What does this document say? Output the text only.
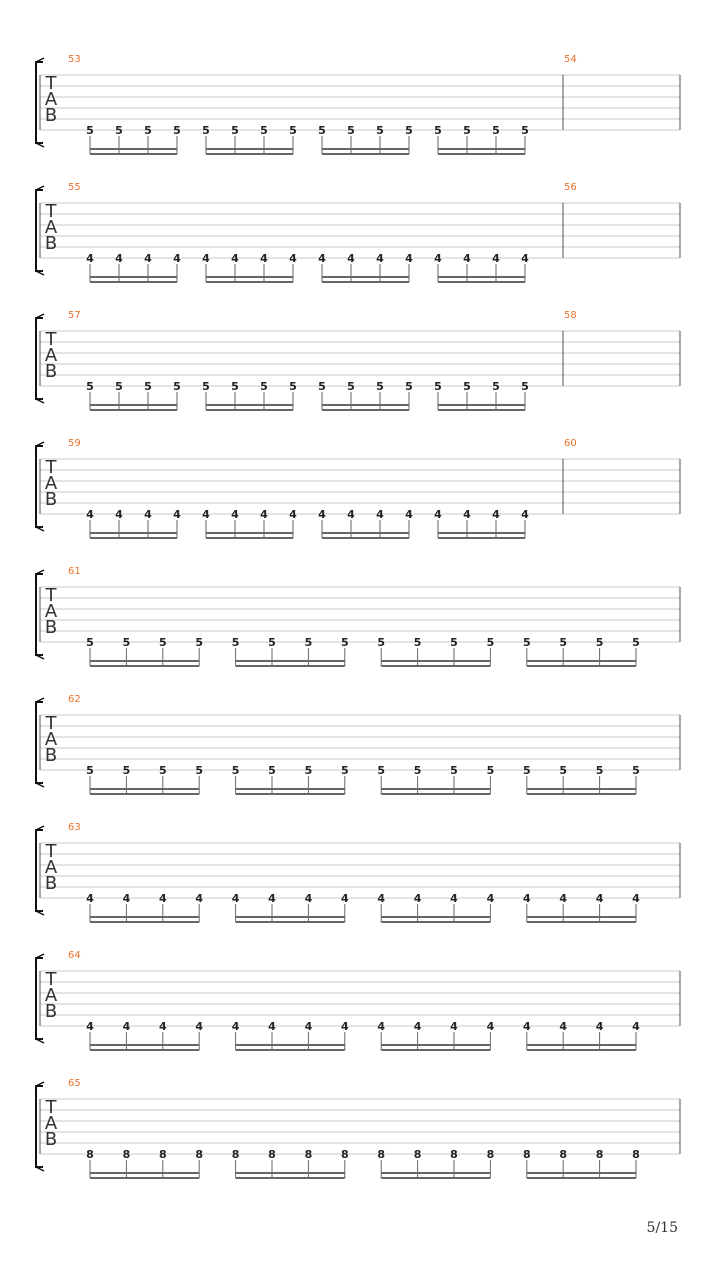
T
A
B
53
5 5 5 5 5 5 5 5 5 5 5 5 5 5 5 5
54
T
A
B
55
4 4 4 4 4 4 4 4 4 4 4 4 4 4 4 4
56
T
A
B
57
5 5 5 5 5 5 5 5 5 5 5 5 5 5 5 5
58
T
A
B
59
4 4 4 4 4 4 4 4 4 4 4 4 4 4 4 4
60
T
A
B
61
5	5	5	5	5	5	5	5	5	5	5	5	5	5	5	5
T
A
B
62
5	5	5	5	5	5	5	5	5	5	5	5	5	5	5	5
T
A
B
63
4	4	4	4	4	4	4	4	4	4	4	4	4	4	4	4
T
A
B
64
4	4	4	4	4	4	4	4	4	4	4	4	4	4	4	4
T
A
B
65
8	8	8	8	8	8	8	8	8	8	8	8	8	8	8	8
5/15
